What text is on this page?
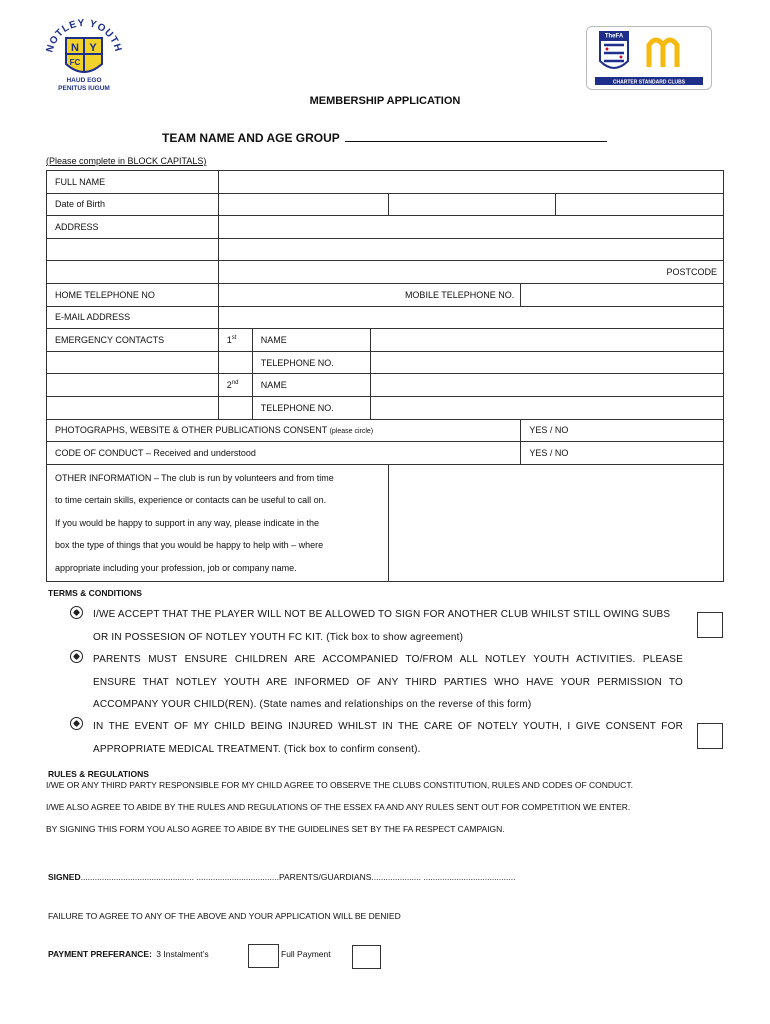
NOTLEY YOUTH
N Y
FC
HAUD EGO
PENITUS IUGUM
TheFA
CHARTER STANDARD CLUBS
MEMBERSHIP APPLICATION
TEAM NAME AND AGE GROUP
(Please complete in BLOCK CAPITALS)
FULL NAME						
Date of Birth						
ADDRESS						

	POSTCODE					
HOME TELEPHONE NO	MOBILE TELEPHONE NO.					
E-MAIL ADDRESS						
EMERGENCY CONTACTS	1st	NAME				
		TELEPHONE NO.				
	2nd	NAME				
		TELEPHONE NO.				
PHOTOGRAPHS, WEBSITE & OTHER PUBLICATIONS CONSENT (please circle)					YES / NO	
CODE OF CONDUCT – Received and understood					YES / NO	

OTHER INFORMATION – The club is run by volunteers and from time
to time certain skills, experience or contacts can be useful to call on.
If you would be happy to support in any way, please indicate in the
box the type of things that you would be happy to help with – where
appropriate including your profession, job or company name.						

TERMS & CONDITIONS
I/WE ACCEPT THAT THE PLAYER WILL NOT BE ALLOWED TO SIGN FOR ANOTHER CLUB WHILST STILL OWING SUBS
OR IN POSSESION OF NOTLEY YOUTH FC KIT. (Tick box to show agreement)
PARENTS MUST ENSURE CHILDREN ARE ACCOMPANIED TO/FROM ALL NOTLEY YOUTH ACTIVITIES. PLEASE
ENSURE THAT NOTLEY YOUTH ARE INFORMED OF ANY THIRD PARTIES WHO HAVE YOUR PERMISSION TO
ACCOMPANY YOUR CHILD(REN). (State names and relationships on the reverse of this form)
IN THE EVENT OF MY CHILD BEING INJURED WHILST IN THE CARE OF NOTELY YOUTH, I GIVE CONSENT FOR
APPROPRIATE MEDICAL TREATMENT. (Tick box to confirm consent).
RULES & REGULATIONS
I/WE OR ANY THIRD PARTY RESPONSIBLE FOR MY CHILD AGREE TO OBSERVE THE CLUBS CONSTITUTION, RULES AND CODES OF CONDUCT.
I/WE ALSO AGREE TO ABIDE BY THE RULES AND REGULATIONS OF THE ESSEX FA AND ANY RULES SENT OUT FOR COMPETITION WE ENTER.
BY SIGNING THIS FORM YOU ALSO AGREE TO ABIDE BY THE GUIDELINES SET BY THE FA RESPECT CAMPAIGN.
SIGNED................................................ ...................................PARENTS/GUARDIANS..................... .......................................
FAILURE TO AGREE TO ANY OF THE ABOVE AND YOUR APPLICATION WILL BE DENIED
PAYMENT PREFERANCE: 3 Instalment’s	Full Payment
